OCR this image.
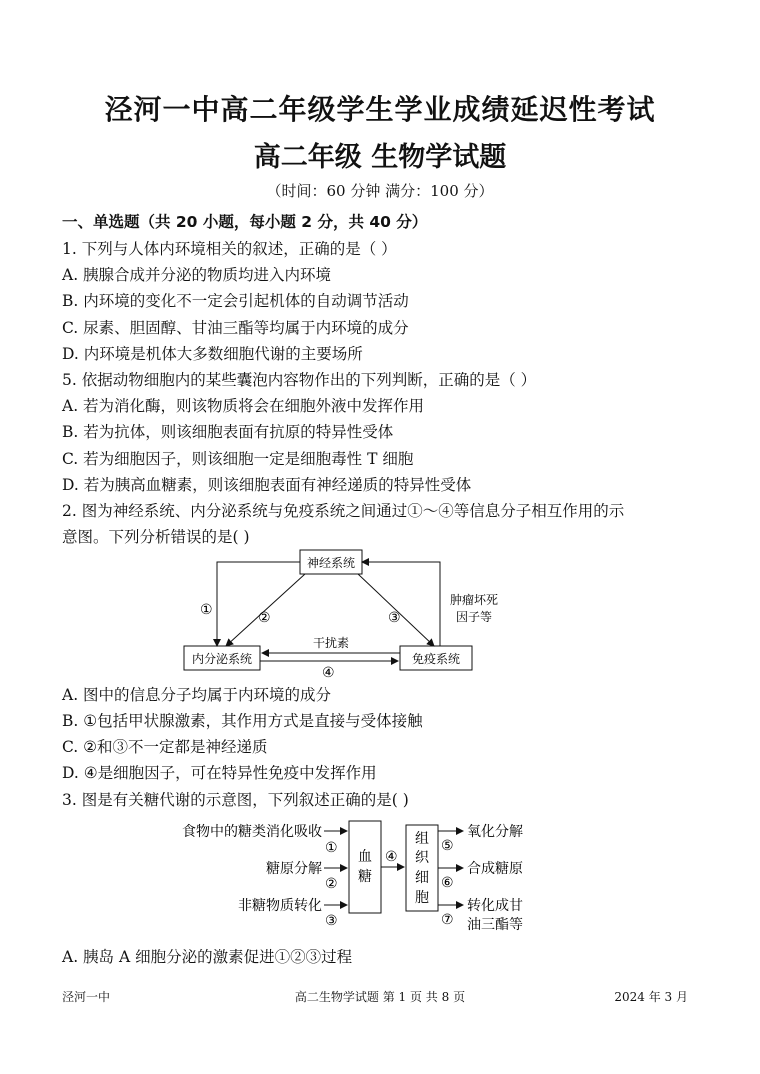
泾河一中高二年级学生学业成绩延迟性考试
高二年级 生物学试题
（时间：60 分钟 满分：100 分）
一、单选题（共 20 小题，每小题 2 分，共 40 分）
1. 下列与人体内环境相关的叙述，正确的是（ ）
A. 胰腺合成并分泌的物质均进入内环境
B. 内环境的变化不一定会引起机体的自动调节活动
C. 尿素、胆固醇、甘油三酯等均属于内环境的成分
D. 内环境是机体大多数细胞代谢的主要场所
5. 依据动物细胞内的某些囊泡内容物作出的下列判断，正确的是（ ）
A. 若为消化酶，则该物质将会在细胞外液中发挥作用
B. 若为抗体，则该细胞表面有抗原的特异性受体
C. 若为细胞因子，则该细胞一定是细胞毒性 T 细胞
D. 若为胰高血糖素，则该细胞表面有神经递质的特异性受体
2. 图为神经系统、内分泌系统与免疫系统之间通过①～④等信息分子相互作用的示
意图。下列分析错误的是( )
神经系统
内分泌系统	免疫系统
①	②	③
肿瘤坏死
因子等
干扰素
④
A. 图中的信息分子均属于内环境的成分
B. ①包括甲状腺激素，其作用方式是直接与受体接触
C. ②和③不一定都是神经递质
D. ④是细胞因子，可在特异性免疫中发挥作用
3. 图是有关糖代谢的示意图，下列叙述正确的是( )
食物中的糖类消化吸收
糖原分解
非糖物质转化
①
②
③
血
糖
④
组
织
细
胞
⑤
⑥
⑦
氧化分解
合成糖原
转化成甘
油三酯等
A. 胰岛 A 细胞分泌的激素促进①②③过程
泾河一中	高二生物学试题 第 1 页 共 8 页	2024 年 3 月
